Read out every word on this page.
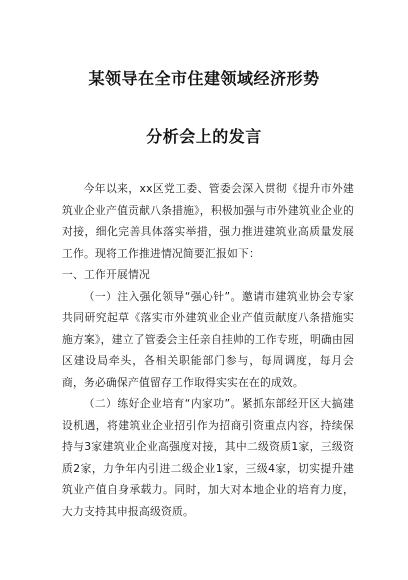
某领导在全市住建领域经济形势
分析会上的发言

今年以来，xx区党工委、管委会深入贯彻《提升市外建筑业企业产值贡献八条措施》，积极加强与市外建筑业企业的对接，细化完善具体落实举措，强力推进建筑业高质量发展工作。现将工作推进情况简要汇报如下：

一、工作开展情况

（一）注入强化领导“强心针”。邀请市建筑业协会专家共同研究起草《落实市外建筑业企业产值贡献度八条措施实施方案》，建立了管委会主任亲自挂帅的工作专班，明确由园区建设局牵头，各相关职能部门参与，每周调度，每月会商，务必确保产值留存工作取得实实在在的成效。

（二）练好企业培育“内家功”。紧抓东部经开区大搞建设机遇，将建筑业企业招引作为招商引资重点内容，持续保持与3家建筑业企业高强度对接，其中二级资质1家，三级资质2家，力争年内引进二级企业1家，三级4家，切实提升建筑业产值自身承载力。同时，加大对本地企业的培育力度，大力支持其申报高级资质。
